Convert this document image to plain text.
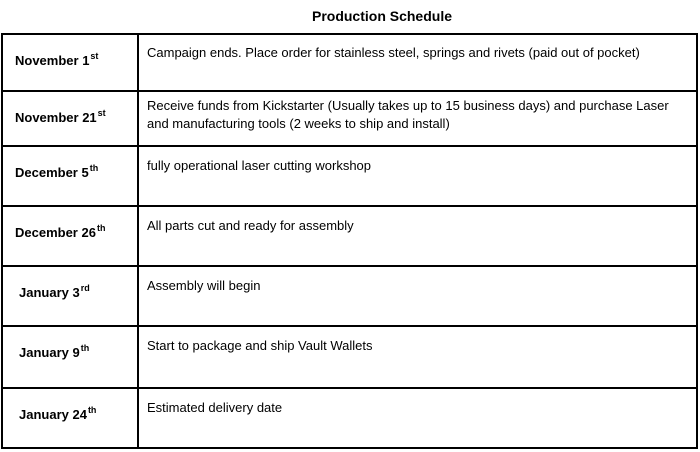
Production Schedule
November 1st	Campaign ends. Place order for stainless steel, springs and rivets (paid out of pocket)

November 21st	Receive funds from Kickstarter (Usually takes up to 15 business days) and purchase Laser and manufacturing tools (2 weeks to ship and install)

December 5th	fully operational laser cutting workshop

December 26th	All parts cut and ready for assembly

January 3rd	Assembly will begin

January 9th	Start to package and ship Vault Wallets

January 24th	Estimated delivery date
